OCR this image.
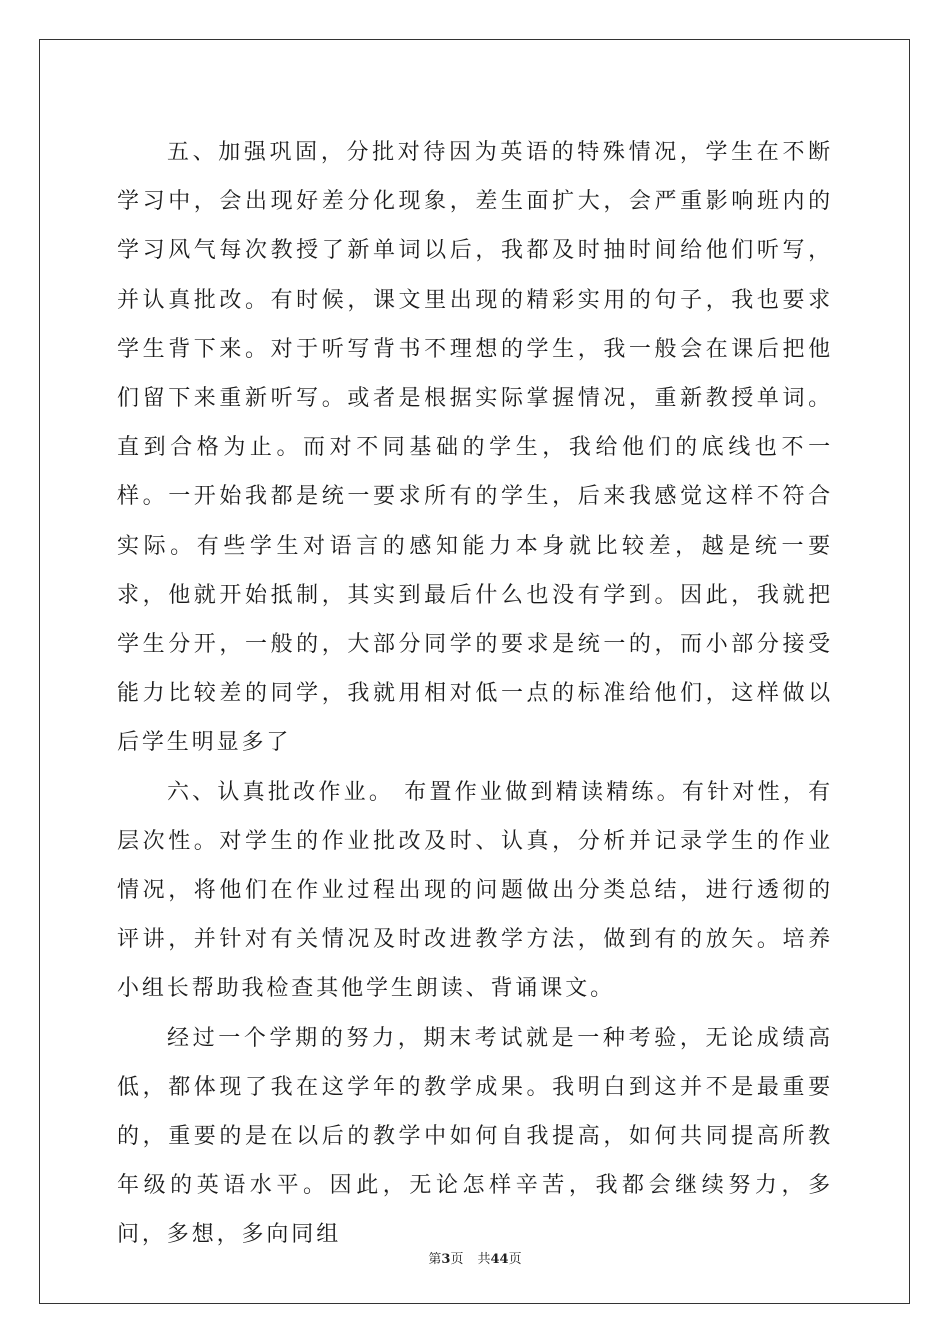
五、加强巩固，分批对待因为英语的特殊情况，学生在不断学习中，会出现好差分化现象，差生面扩大，会严重影响班内的学习风气每次教授了新单词以后，我都及时抽时间给他们听写，并认真批改。有时候，课文里出现的精彩实用的句子，我也要求学生背下来。对于听写背书不理想的学生，我一般会在课后把他们留下来重新听写。或者是根据实际掌握情况，重新教授单词。直到合格为止。而对不同基础的学生，我给他们的底线也不一样。一开始我都是统一要求所有的学生，后来我感觉这样不符合实际。有些学生对语言的感知能力本身就比较差，越是统一要求，他就开始抵制，其实到最后什么也没有学到。因此，我就把学生分开，一般的，大部分同学的要求是统一的，而小部分接受能力比较差的同学，我就用相对低一点的标准给他们，这样做以后学生明显多了

六、认真批改作业。 布置作业做到精读精练。有针对性，有层次性。对学生的作业批改及时、认真，分析并记录学生的作业情况，将他们在作业过程出现的问题做出分类总结，进行透彻的评讲，并针对有关情况及时改进教学方法，做到有的放矢。培养小组长帮助我检查其他学生朗读、背诵课文。

经过一个学期的努力，期末考试就是一种考验，无论成绩高低，都体现了我在这学年的教学成果。我明白到这并不是最重要的，重要的是在以后的教学中如何自我提高，如何共同提高所教年级的英语水平。因此，无论怎样辛苦，我都会继续努力，多问，多想，多向同组

第3页 共44页
